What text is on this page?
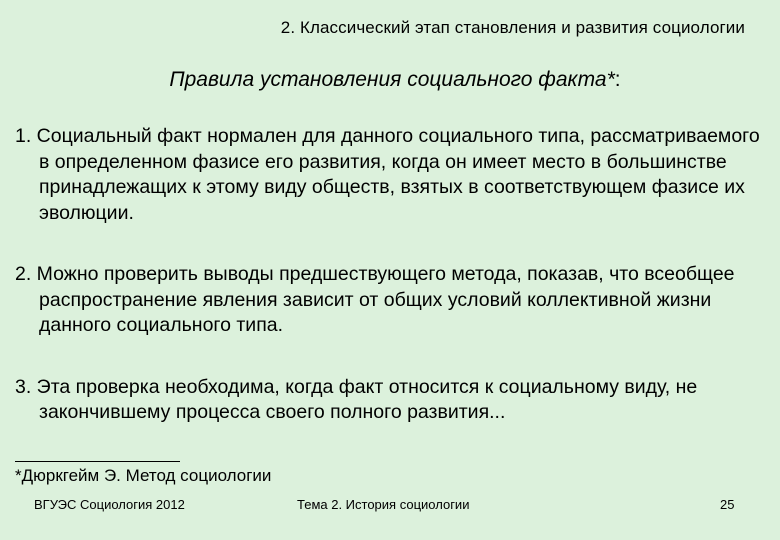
2. Классический этап становления и развития социологии
Правила установления социального факта*:

1. Социальный факт нормален для данного социального типа, рассматриваемого в определенном фазисе его развития, когда он имеет место в большинстве принадлежащих к этому виду обществ, взятых в соответствующем фазисе их эволюции.

2. Можно проверить выводы предшествующего метода, показав, что всеобщее распространение явления зависит от общих условий коллективной жизни данного социального типа.

3. Эта проверка необходима, когда факт относится к социальному виду, не закончившему процесса своего полного развития...

*Дюркгейм Э. Метод социологии
ВГУЭС Социология 2012	Тема 2. История социологии	25
